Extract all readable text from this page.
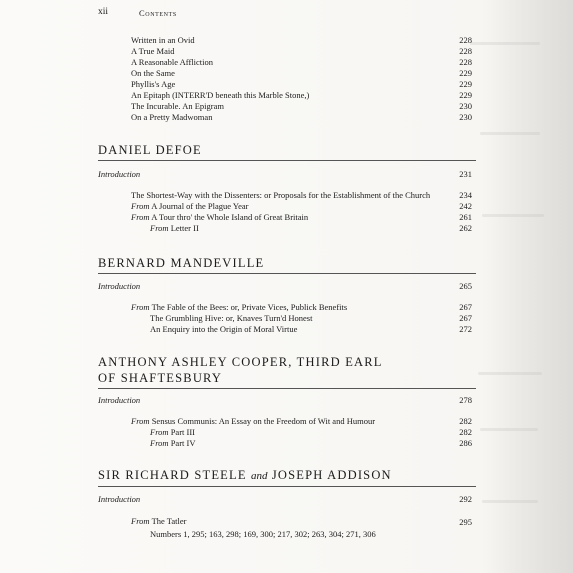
xii	Contents
Written in an Ovid	228
A True Maid	228
A Reasonable Affliction	228
On the Same	229
Phyllis's Age	229
An Epitaph (INTERR'D beneath this Marble Stone,)	229
The Incurable. An Epigram	230
On a Pretty Madwoman	230
DANIEL DEFOE
Introduction	231
The Shortest-Way with the Dissenters: or Proposals for the Establishment of the Church	234
From A Journal of the Plague Year	242
From A Tour thro' the Whole Island of Great Britain	261
From Letter II	262
BERNARD MANDEVILLE
Introduction	265
From The Fable of the Bees: or, Private Vices, Publick Benefits	267
The Grumbling Hive: or, Knaves Turn'd Honest	267
An Enquiry into the Origin of Moral Virtue	272
ANTHONY ASHLEY COOPER, THIRD EARL
OF SHAFTESBURY
Introduction	278
From Sensus Communis: An Essay on the Freedom of Wit and Humour	282
From Part III	282
From Part IV	286
SIR RICHARD STEELE and JOSEPH ADDISON
Introduction	292
From The Tatler	295
Numbers 1, 295; 163, 298; 169, 300; 217, 302; 263, 304; 271, 306
